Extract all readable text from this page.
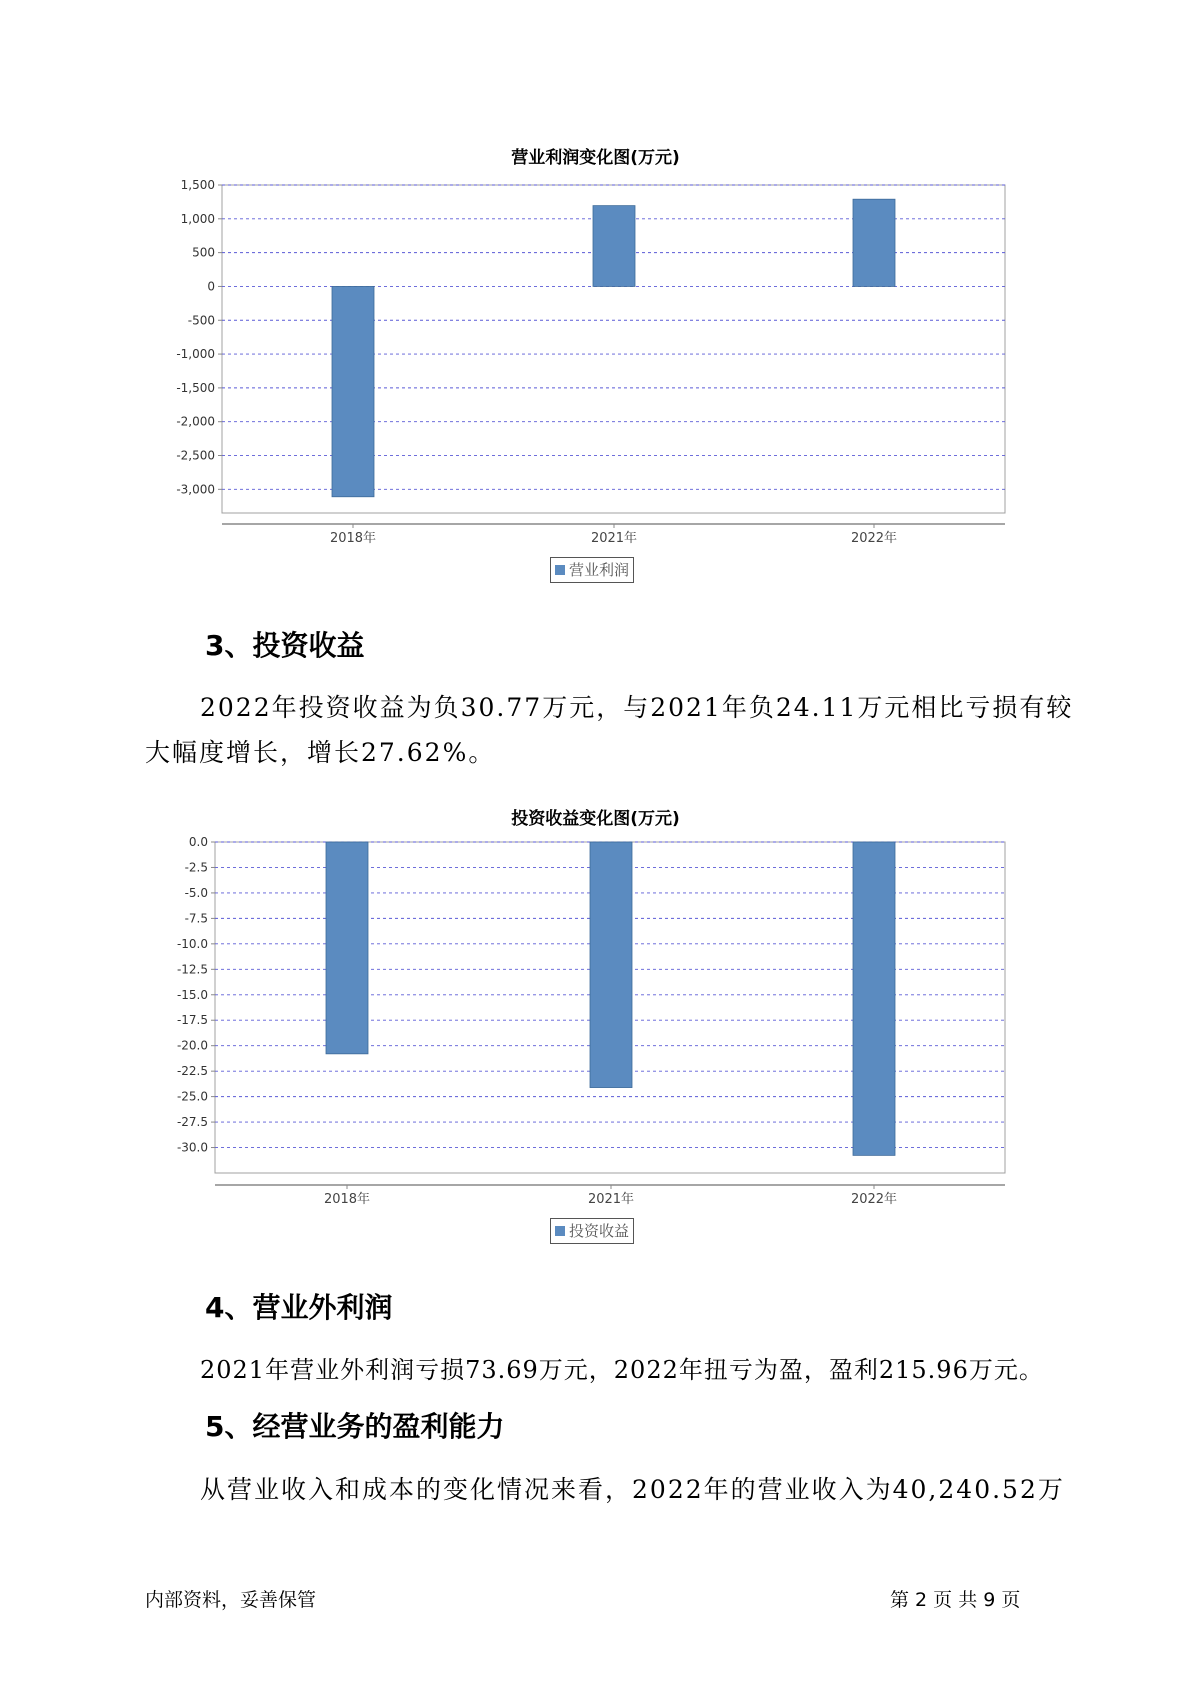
营业利润变化图(万元)
1,500
1,000
500
0
-500
-1,000
-1,500
-2,000
-2,500
-3,000
2018年	2021年	2022年
营业利润
3、投资收益
2022年投资收益为负30.77万元，与2021年负24.11万元相比亏损有较
大幅度增长，增长27.62%。
投资收益变化图(万元)
0.0
-2.5
-5.0
-7.5
-10.0
-12.5
-15.0
-17.5
-20.0
-22.5
-25.0
-27.5
-30.0
2018年	2021年	2022年
投资收益
4、营业外利润
2021年营业外利润亏损73.69万元，2022年扭亏为盈，盈利215.96万元。
5、经营业务的盈利能力
从营业收入和成本的变化情况来看，2022年的营业收入为40,240.52万
内部资料，妥善保管	第 2 页 共 9 页
